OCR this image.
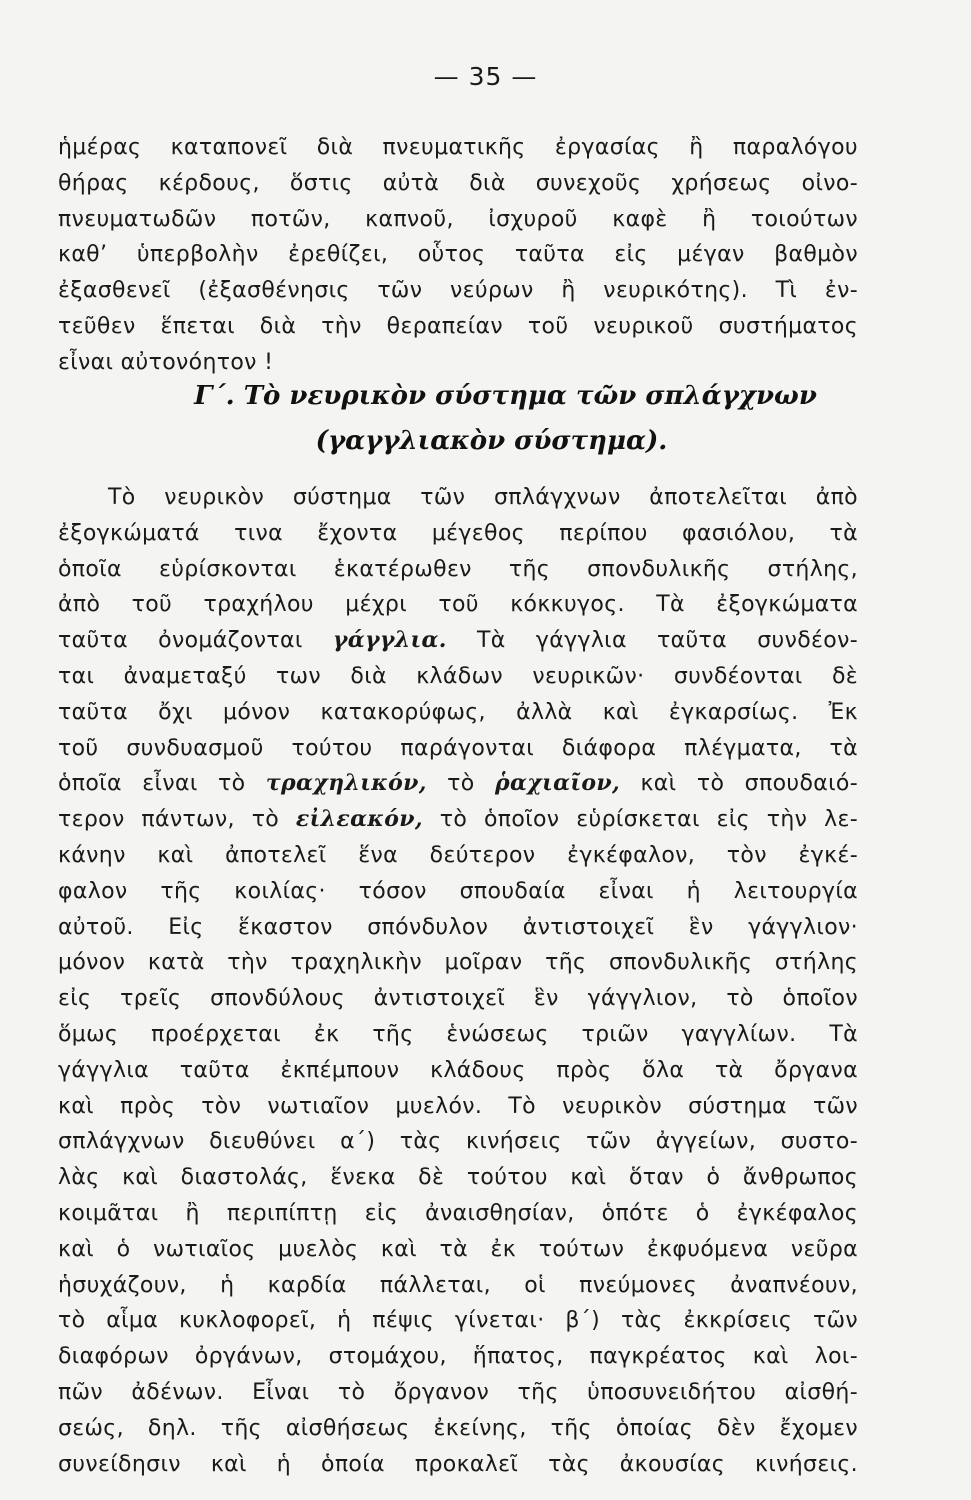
— 35 —
ἡμέρας καταπονεῖ διὰ πνευματικῆς ἐργασίας ἢ παραλόγου
θήρας κέρδους, ὅστις αὐτὰ διὰ συνεχοῦς χρήσεως οἰνο-
πνευματωδῶν ποτῶν, καπνοῦ, ἰσχυροῦ καφὲ ἢ τοιούτων
καθ’ ὑπερβολὴν ἐρεθίζει, οὗτος ταῦτα εἰς μέγαν βαθμὸν
ἐξασθενεῖ (ἐξασθένησις τῶν νεύρων ἢ νευρικότης). Τὶ ἐν-
τεῦθεν ἕπεται διὰ τὴν θεραπείαν τοῦ νευρικοῦ συστήματος
εἶναι αὐτονόητον !
Γ΄. Τὸ νευρικὸν σύστημα τῶν σπλάγχνων
(γαγγλιακὸν σύστημα).
Τὸ νευρικὸν σύστημα τῶν σπλάγχνων ἀποτελεῖται ἀπὸ
ἐξογκώματά τινα ἔχοντα μέγεθος περίπου φασιόλου, τὰ
ὁποῖα εὑρίσκονται ἑκατέρωθεν τῆς σπονδυλικῆς στήλης,
ἀπὸ τοῦ τραχήλου μέχρι τοῦ κόκκυγος. Τὰ ἐξογκώματα
ταῦτα ὀνομάζονται γάγγλια. Τὰ γάγγλια ταῦτα συνδέον-
ται ἀναμεταξύ των διὰ κλάδων νευρικῶν· συνδέονται δὲ
ταῦτα ὄχι μόνον κατακορύφως, ἀλλὰ καὶ ἐγκαρσίως. Ἐκ
τοῦ συνδυασμοῦ τούτου παράγονται διάφορα πλέγματα, τὰ
ὁποῖα εἶναι τὸ τραχηλικόν, τὸ ῥαχιαῖον, καὶ τὸ σπουδαιό-
τερον πάντων, τὸ εἰλεακόν, τὸ ὁποῖον εὑρίσκεται εἰς τὴν λε-
κάνην καὶ ἀποτελεῖ ἕνα δεύτερον ἐγκέφαλον, τὸν ἐγκέ-
φαλον τῆς κοιλίας· τόσον σπουδαία εἶναι ἡ λειτουργία
αὐτοῦ. Εἰς ἕκαστον σπόνδυλον ἀντιστοιχεῖ ἓν γάγγλιον·
μόνον κατὰ τὴν τραχηλικὴν μοῖραν τῆς σπονδυλικῆς στήλης
εἰς τρεῖς σπονδύλους ἀντιστοιχεῖ ἓν γάγγλιον, τὸ ὁποῖον
ὅμως προέρχεται ἐκ τῆς ἑνώσεως τριῶν γαγγλίων. Τὰ
γάγγλια ταῦτα ἐκπέμπουν κλάδους πρὸς ὅλα τὰ ὄργανα
καὶ πρὸς τὸν νωτιαῖον μυελόν. Τὸ νευρικὸν σύστημα τῶν
σπλάγχνων διευθύνει α΄) τὰς κινήσεις τῶν ἀγγείων, συστο-
λὰς καὶ διαστολάς, ἕνεκα δὲ τούτου καὶ ὅταν ὁ ἄνθρωπος
κοιμᾶται ἢ περιπίπτῃ εἰς ἀναισθησίαν, ὁπότε ὁ ἐγκέφαλος
καὶ ὁ νωτιαῖος μυελὸς καὶ τὰ ἐκ τούτων ἐκφυόμενα νεῦρα
ἡσυχάζουν, ἡ καρδία πάλλεται, οἱ πνεύμονες ἀναπνέουν,
τὸ αἷμα κυκλοφορεῖ, ἡ πέψις γίνεται· β΄) τὰς ἐκκρίσεις τῶν
διαφόρων ὀργάνων, στομάχου, ἥπατος, παγκρέατος καὶ λοι-
πῶν ἀδένων. Εἶναι τὸ ὄργανον τῆς ὑποσυνειδήτου αἰσθή-
σεώς, δηλ. τῆς αἰσθήσεως ἐκείνης, τῆς ὁποίας δὲν ἔχομεν
συνείδησιν καὶ ἡ ὁποία προκαλεῖ τὰς ἀκουσίας κινήσεις.
